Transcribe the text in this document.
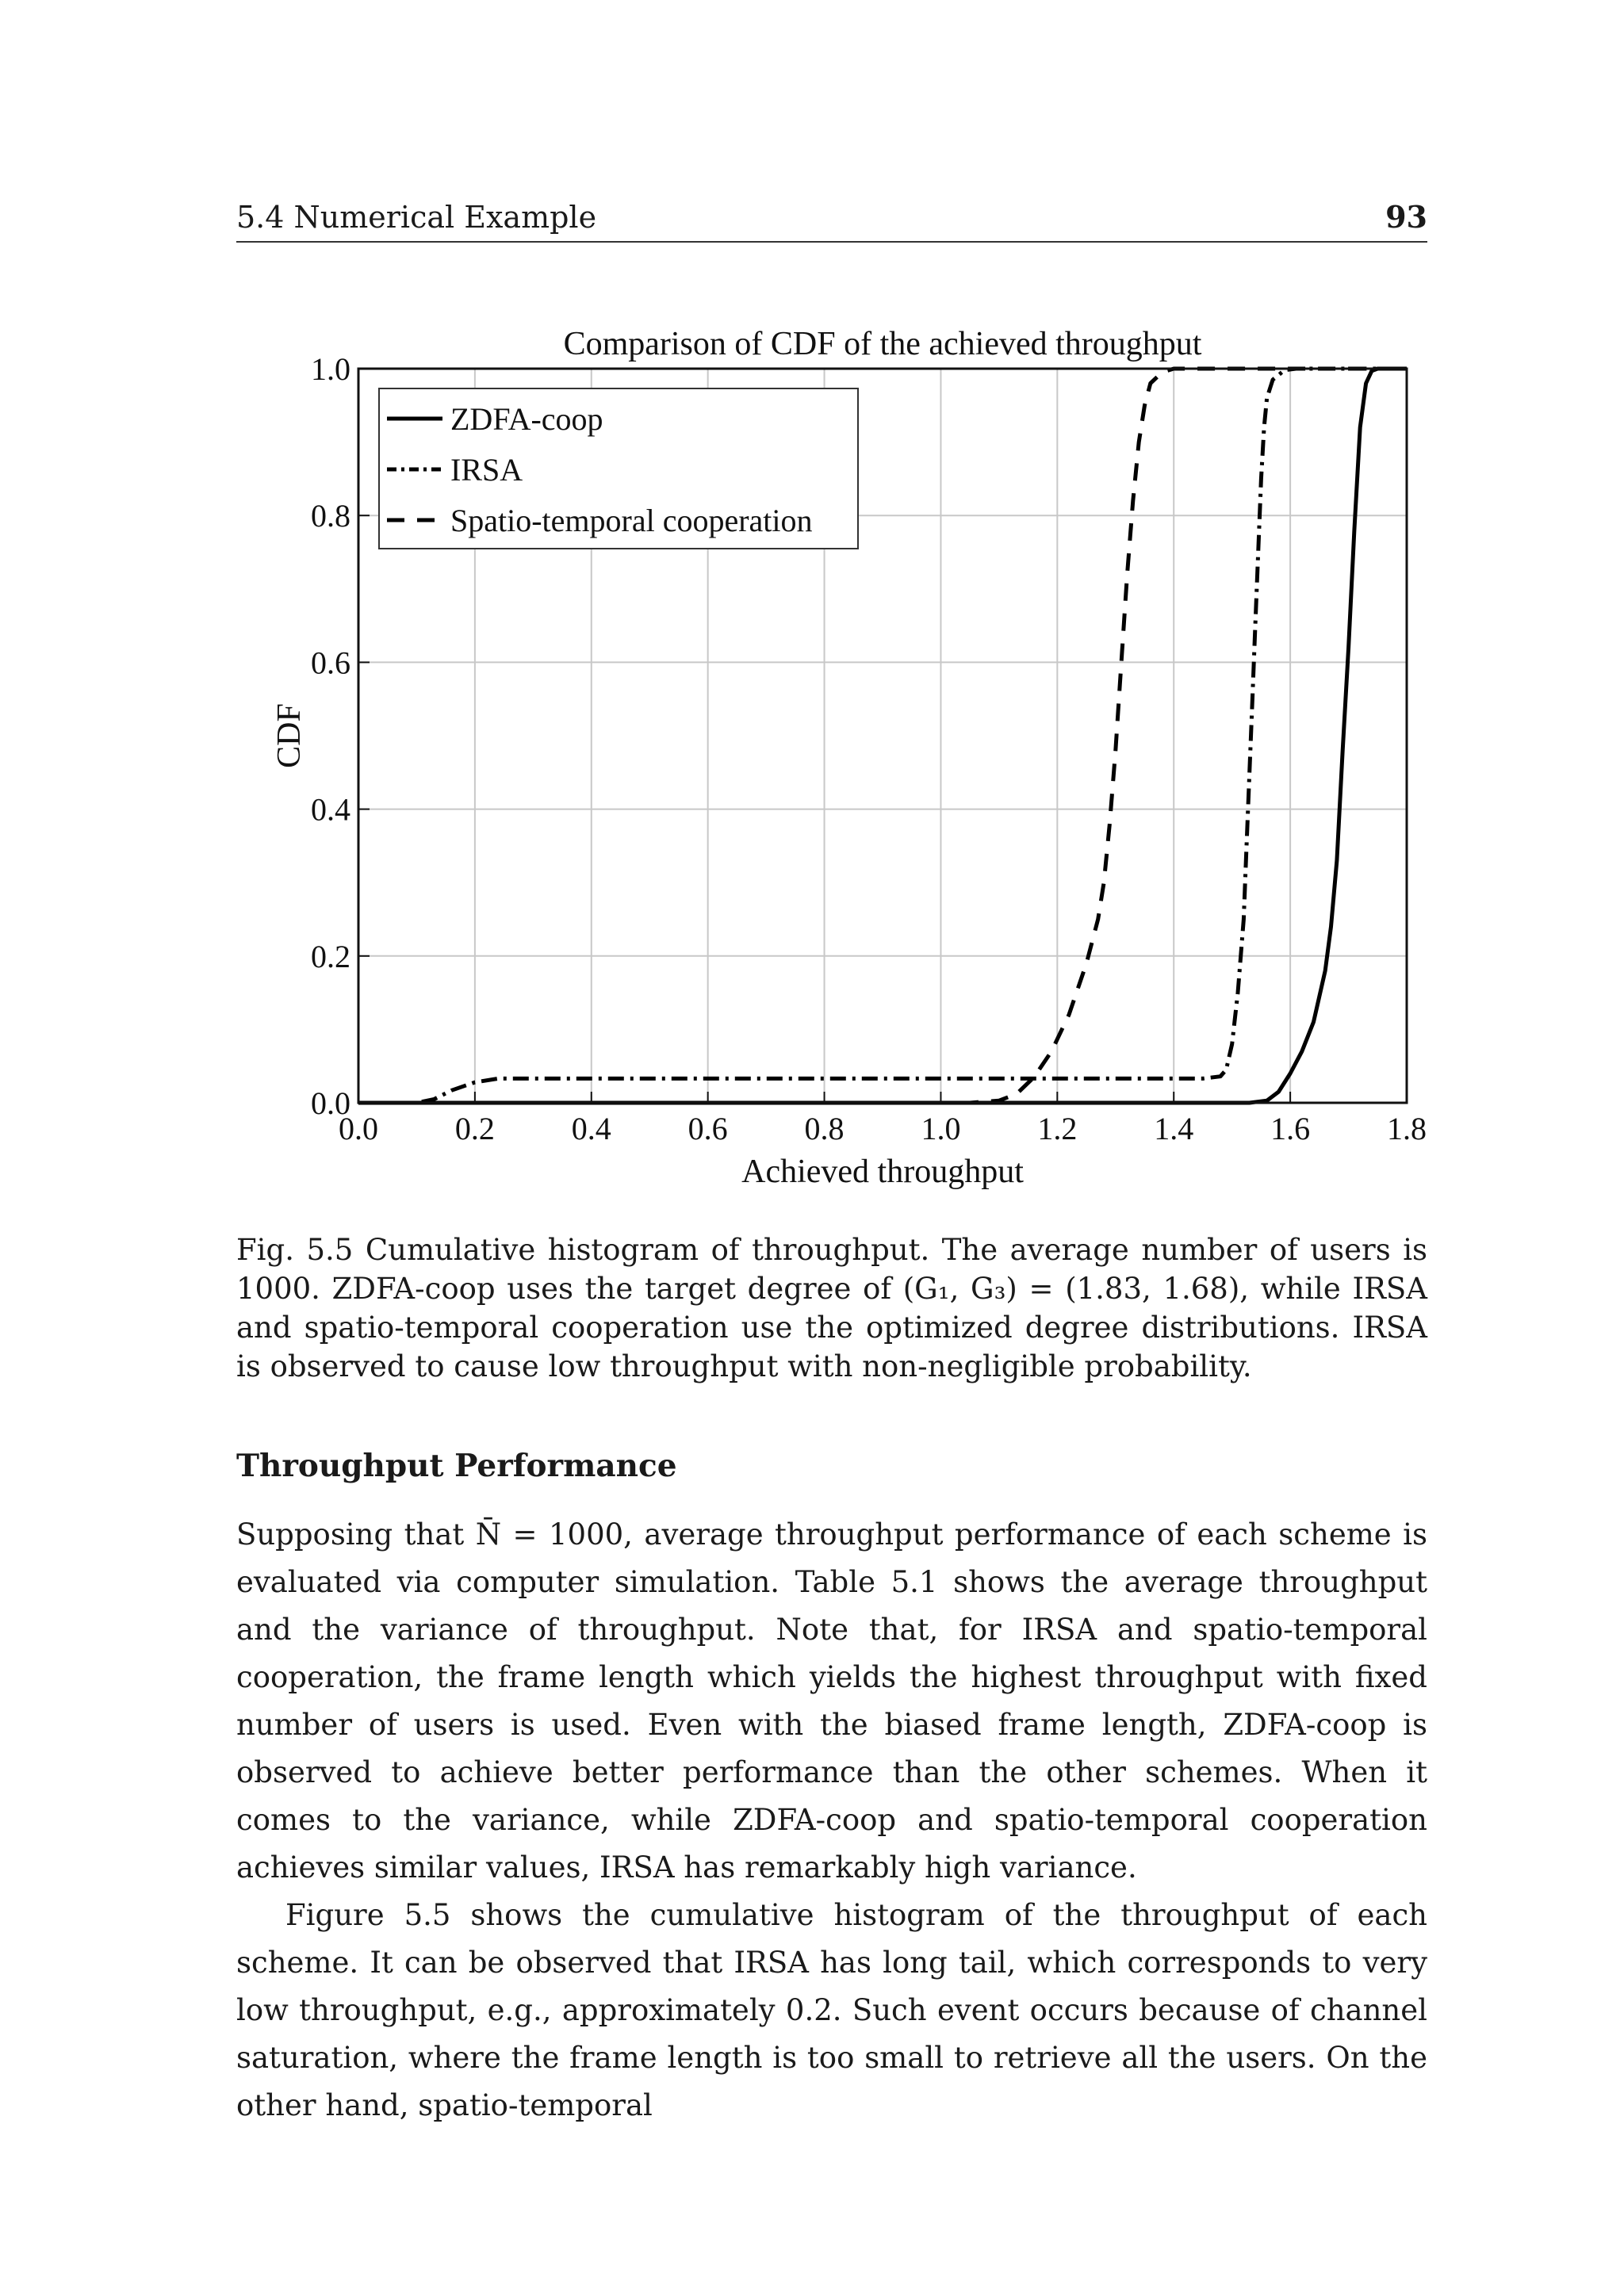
5.4 Numerical Example	93
0.0 0.2 0.4 0.6 0.8 1.0 1.2 1.4 1.6 1.8
0.0
0.2
0.4
0.6
0.8
1.0
Comparison of CDF of the achieved throughput
Achieved throughput
CDF
ZDFA-coop
IRSA
Spatio-temporal cooperation
Fig. 5.5 Cumulative histogram of throughput. The average number of users is 1000. ZDFA-coop uses the target degree of (G₁, G₃) = (1.83, 1.68), while IRSA and spatio-temporal cooperation use the optimized degree distributions. IRSA is observed to cause low throughput with non-negligible probability.
Throughput Performance

Supposing that N̄ = 1000, average throughput performance of each scheme is evaluated via computer simulation. Table 5.1 shows the average throughput and the variance of throughput. Note that, for IRSA and spatio-temporal cooperation, the frame length which yields the highest throughput with fixed number of users is used. Even with the biased frame length, ZDFA-coop is observed to achieve better performance than the other schemes. When it comes to the variance, while ZDFA-coop and spatio-temporal cooperation achieves similar values, IRSA has remarkably high variance.

Figure 5.5 shows the cumulative histogram of the throughput of each scheme. It can be observed that IRSA has long tail, which corresponds to very low throughput, e.g., approximately 0.2. Such event occurs because of channel saturation, where the frame length is too small to retrieve all the users. On the other hand, spatio-temporal
